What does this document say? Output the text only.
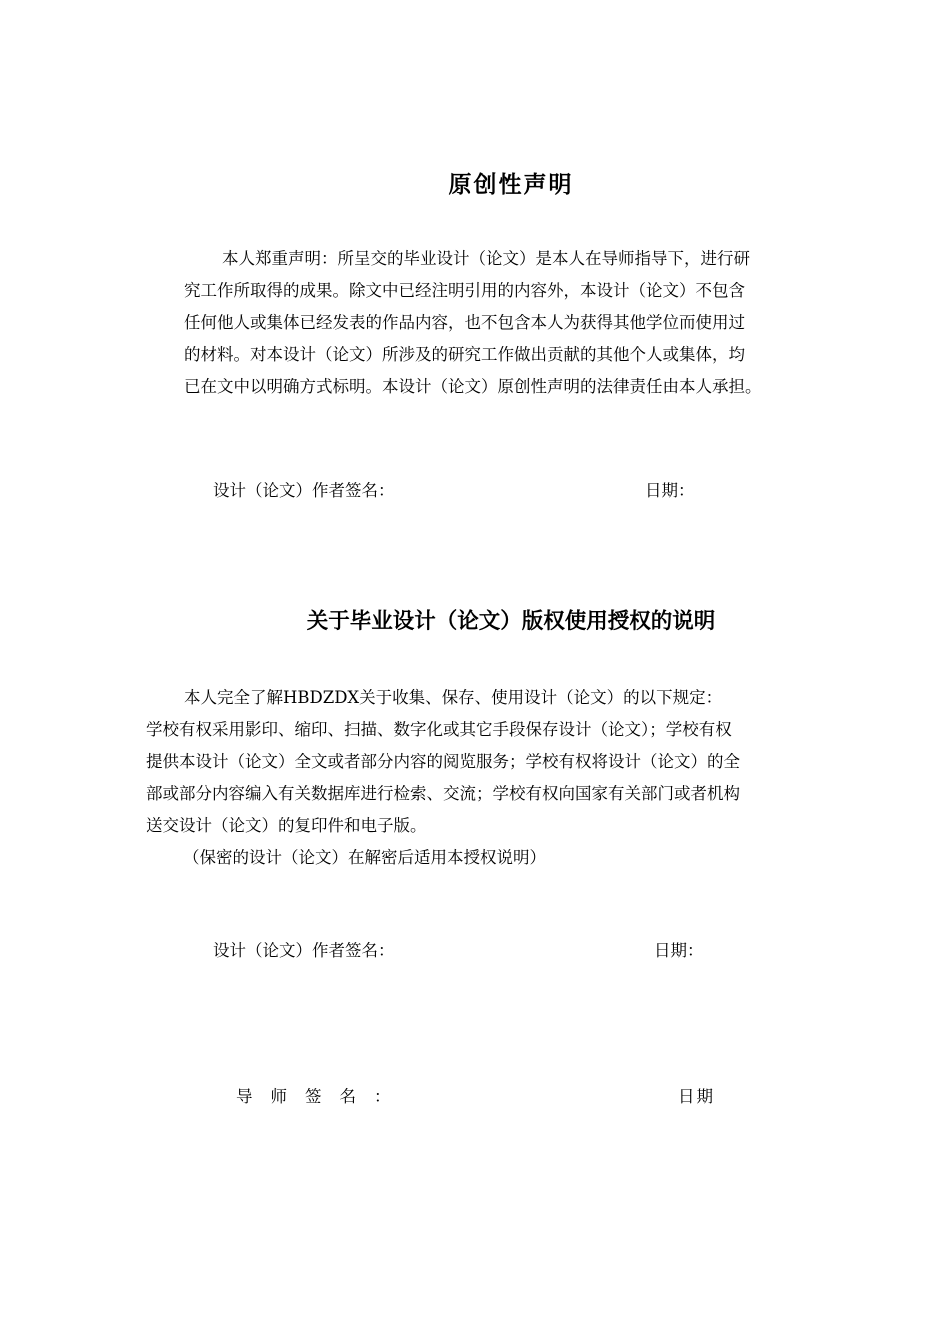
原创性声明
本人郑重声明：所呈交的毕业设计（论文）是本人在导师指导下，进行研
究工作所取得的成果。除文中已经注明引用的内容外，本设计（论文）不包含
任何他人或集体已经发表的作品内容，也不包含本人为获得其他学位而使用过
的材料。对本设计（论文）所涉及的研究工作做出贡献的其他个人或集体，均
已在文中以明确方式标明。本设计（论文）原创性声明的法律责任由本人承担。
设计（论文）作者签名：	日期：
关于毕业设计（论文）版权使用授权的说明
本人完全了解HBDZDX关于收集、保存、使用设计（论文）的以下规定：
学校有权采用影印、缩印、扫描、数字化或其它手段保存设计（论文）；学校有权
提供本设计（论文）全文或者部分内容的阅览服务；学校有权将设计（论文）的全
部或部分内容编入有关数据库进行检索、交流；学校有权向国家有关部门或者机构
送交设计（论文）的复印件和电子版。
（保密的设计（论文）在解密后适用本授权说明）
设计（论文）作者签名：	日期：
导师签名：	日期
